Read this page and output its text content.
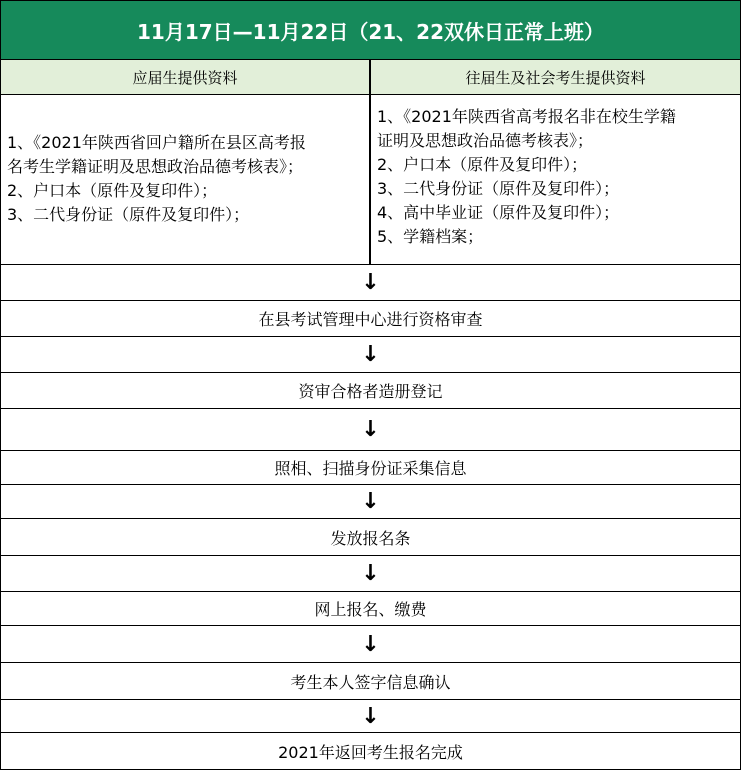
11月17日—11月22日（21、22双休日正常上班）
应届生提供资料	往届生及社会考生提供资料
1、《2021年陕西省回户籍所在县区高考报
名考生学籍证明及思想政治品德考核表》；
2、户口本（原件及复印件）；
3、二代身份证（原件及复印件）；
1、《2021年陕西省高考报名非在校生学籍
证明及思想政治品德考核表》；
2、户口本（原件及复印件）；
3、二代身份证（原件及复印件）；
4、高中毕业证（原件及复印件）；
5、学籍档案；
↓
在县考试管理中心进行资格审查
↓
资审合格者造册登记
↓
照相、扫描身份证采集信息
↓
发放报名条
↓
网上报名、缴费
↓
考生本人签字信息确认
↓
2021年返回考生报名完成
